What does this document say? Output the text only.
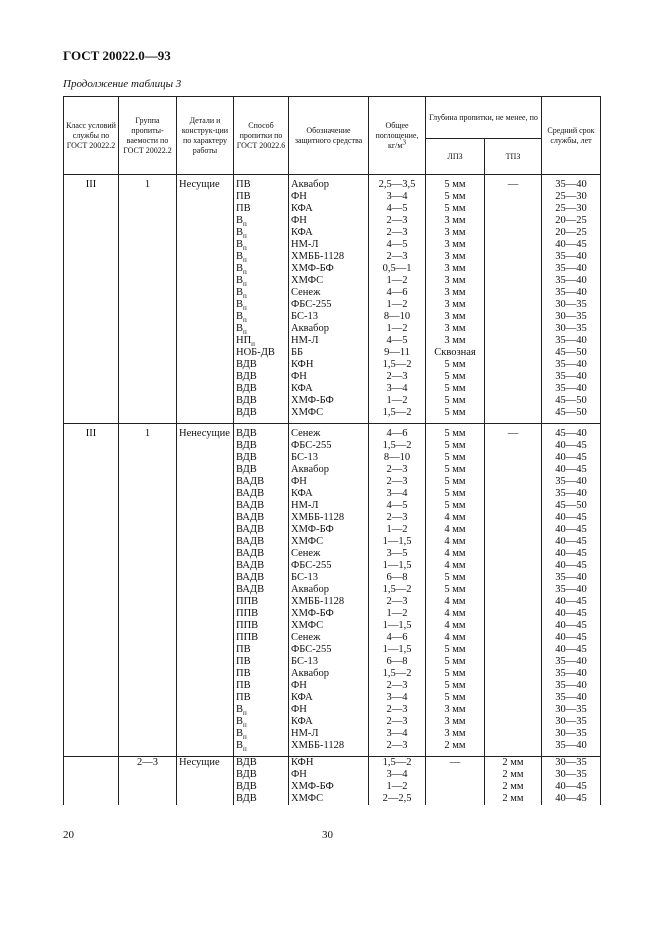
ГОСТ 20022.0—93
Продолжение таблицы 3
Класс условий службы по ГОСТ 20022.2	Группа пропиты-ваемости по ГОСТ 20022.2	Детали и конструк-ции по характеру работы	Способ пропитки по ГОСТ 20022.6	Обозначение защитного средства	Общее поглощение, $кг/м^3$	Глубина пропитки, не менее, по		Средний срок службы, лет
						ЛПЗ	ТПЗ	

III	1	Несущие	ПВ	Аквабор	2,5—3,5	5 мм	—	35—40
			ПВ	ФН	3—4	5 мм		25—30
			ПВ	КФА	4—5	5 мм		25—30
			$В_п$	ФН	2—3	3 мм		20—25
			$В_п$	КФА	2—3	3 мм		20—25
			$В_п$	НМ-Л	4—5	3 мм		40—45
			$В_п$	ХМББ-1128	2—3	3 мм		35—40
			$В_п$	ХМФ-БФ	0,5—1	3 мм		35—40
			$В_п$	ХМФС	1—2	3 мм		35—40
			$В_п$	Сенеж	4—6	3 мм		35—40
			$В_п$	ФБС-255	1—2	3 мм		30—35
			$В_п$	БС-13	8—10	3 мм		30—35
			$В_п$	Аквабор	1—2	3 мм		30—35
			$НП_п$	НМ-Л	4—5	3 мм		35—40
			НОБ-ДВ	ББ	9—11	Сквозная		45—50
			ВДВ	КФН	1,5—2	5 мм		35—40
			ВДВ	ФН	2—3	5 мм		35—40
			ВДВ	КФА	3—4	5 мм		35—40
			ВДВ	ХМФ-БФ	1—2	5 мм		45—50
			ВДВ	ХМФС	1,5—2	5 мм		45—50

III	1	Ненесущие	ВДВ	Сенеж	4—6	5 мм	—	45—40
			ВДВ	ФБС-255	1,5—2	5 мм		40—45
			ВДВ	БС-13	8—10	5 мм		40—45
			ВДВ	Аквабор	2—3	5 мм		40—45
			ВАДВ	ФН	2—3	5 мм		35—40
			ВАДВ	КФА	3—4	5 мм		35—40
			ВАДВ	НМ-Л	4—5	5 мм		45—50
			ВАДВ	ХМББ-1128	2—3	4 мм		40—45
			ВАДВ	ХМФ-БФ	1—2	4 мм		40—45
			ВАДВ	ХМФС	1—1,5	4 мм		40—45
			ВАДВ	Сенеж	3—5	4 мм		40—45
			ВАДВ	ФБС-255	1—1,5	4 мм		40—45
			ВАДВ	БС-13	6—8	5 мм		35—40
			ВАДВ	Аквабор	1,5—2	5 мм		35—40
			ППВ	ХМББ-1128	2—3	4 мм		40—45
			ППВ	ХМФ-БФ	1—2	4 мм		40—45
			ППВ	ХМФС	1—1,5	4 мм		40—45
			ППВ	Сенеж	4—6	4 мм		40—45
			ПВ	ФБС-255	1—1,5	5 мм		40—45
			ПВ	БС-13	6—8	5 мм		35—40
			ПВ	Аквабор	1,5—2	5 мм		35—40
			ПВ	ФН	2—3	5 мм		35—40
			ПВ	КФА	3—4	5 мм		35—40
			$В_п$	ФН	2—3	3 мм		30—35
			$В_п$	КФА	2—3	3 мм		30—35
			$В_п$	НМ-Л	3—4	3 мм		30—35
			$В_п$	ХМББ-1128	2—3	2 мм		35—40

	2—3	Несущие	ВДВ	КФН	1,5—2	—	2 мм	30—35
			ВДВ	ФН	3—4		2 мм	30—35
			ВДВ	ХМФ-БФ	1—2		2 мм	40—45
			ВДВ	ХМФС	2—2,5		2 мм	40—45
20	30
